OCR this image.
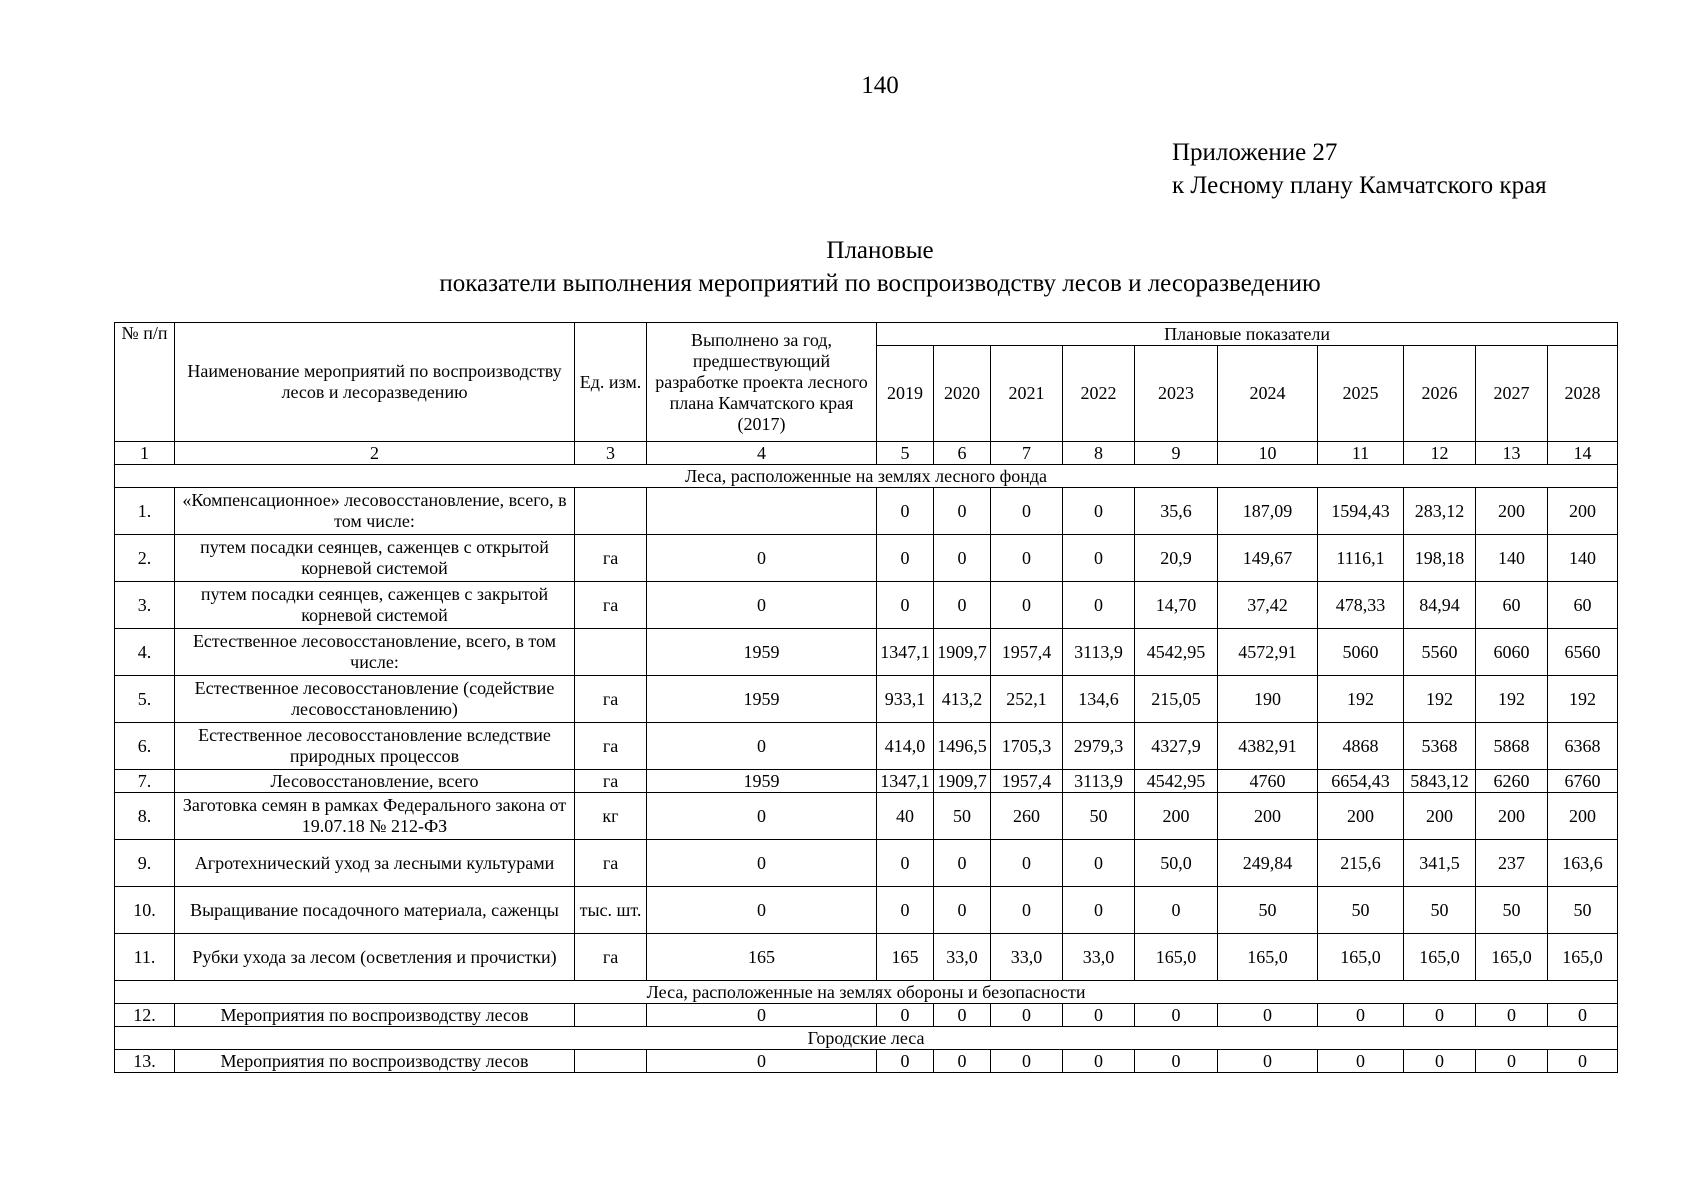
140
Приложение 27
к Лесному плану Камчатского края
Плановые
показатели выполнения мероприятий по воспроизводству лесов и лесоразведению
№ п/п	Наименование мероприятий по воспроизводству лесов и лесоразведению	Ед. изм.	Выполнено за год, предшествующий разработке проекта лесного плана Камчатского края (2017)	Плановые показатели									
				2019	2020	2021	2022	2023	2024	2025	2026	2027	2028
1	2	3	4	5	6	7	8	9	10	11	12	13	14
Леса, расположенные на землях лесного фонда													
1.	«Компенсационное» лесовосстановление, всего, в том числе:			0	0	0	0	35,6	187,09	1594,43	283,12	200	200
2.	путем посадки сеянцев, саженцев с открытой корневой системой	га	0	0	0	0	0	20,9	149,67	1116,1	198,18	140	140
3.	путем посадки сеянцев, саженцев с закрытой корневой системой	га	0	0	0	0	0	14,70	37,42	478,33	84,94	60	60
4.	Естественное лесовосстановление, всего, в том числе:		1959	1347,1	1909,7	1957,4	3113,9	4542,95	4572,91	5060	5560	6060	6560
5.	Естественное лесовосстановление (содействие лесовосстановлению)	га	1959	933,1	413,2	252,1	134,6	215,05	190	192	192	192	192
6.	Естественное лесовосстановление вследствие природных процессов	га	0	414,0	1496,5	1705,3	2979,3	4327,9	4382,91	4868	5368	5868	6368
7.	Лесовосстановление, всего	га	1959	1347,1	1909,7	1957,4	3113,9	4542,95	4760	6654,43	5843,12	6260	6760
8.	Заготовка семян в рамках Федерального закона от 19.07.18 № 212-ФЗ	кг	0	40	50	260	50	200	200	200	200	200	200
9.	Агротехнический уход за лесными культурами	га	0	0	0	0	0	50,0	249,84	215,6	341,5	237	163,6
10.	Выращивание посадочного материала, саженцы	тыс. шт.	0	0	0	0	0	0	50	50	50	50	50
11.	Рубки ухода за лесом (осветления и прочистки)	га	165	165	33,0	33,0	33,0	165,0	165,0	165,0	165,0	165,0	165,0
Леса, расположенные на землях обороны и безопасности													
12.	Мероприятия по воспроизводству лесов		0	0	0	0	0	0	0	0	0	0	0
Городские леса													
13.	Мероприятия по воспроизводству лесов		0	0	0	0	0	0	0	0	0	0	0
